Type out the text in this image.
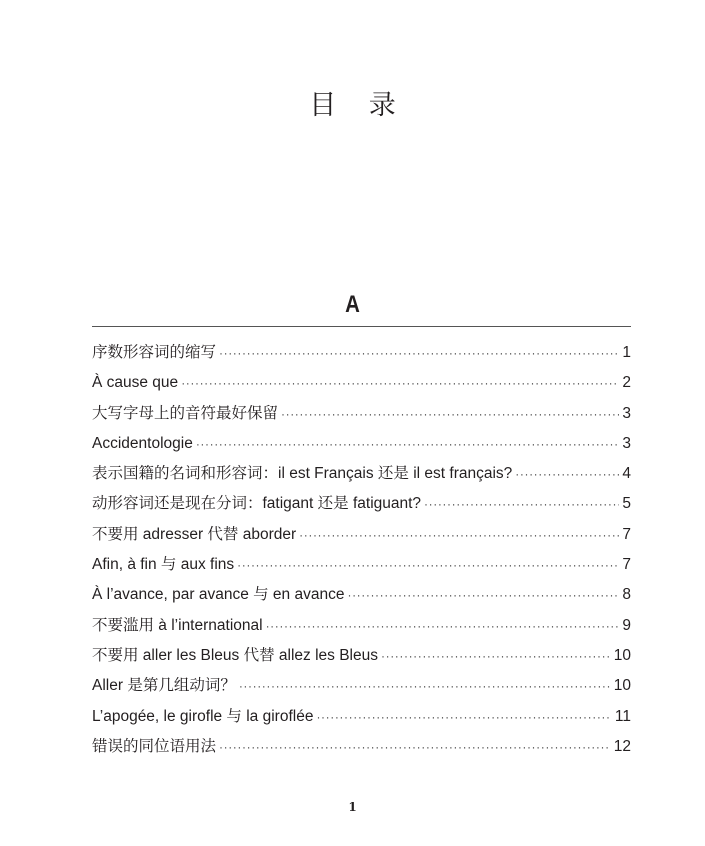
目 录
A
序数形容词的缩写 ·····	1
À cause que ·····	2
大写字母上的音符最好保留 ·····	3
Accidentologie ·····	3
表示国籍的名词和形容词：il est Français 还是 il est français? ·····	4
动形容词还是现在分词：fatigant 还是 fatiguant? ·····	5
不要用 adresser 代替 aborder ·····	7
Afin, à fin 与 aux fins ·····	7
À l’avance, par avance 与 en avance ·····	8
不要滥用 à l’international ·····	9
不要用 aller les Bleus 代替 allez les Bleus ·····	10
Aller 是第几组动词？ ·····	10
L’apogée, le girofle 与 la giroflée ·····	11
错误的同位语用法 ·····	12
1
